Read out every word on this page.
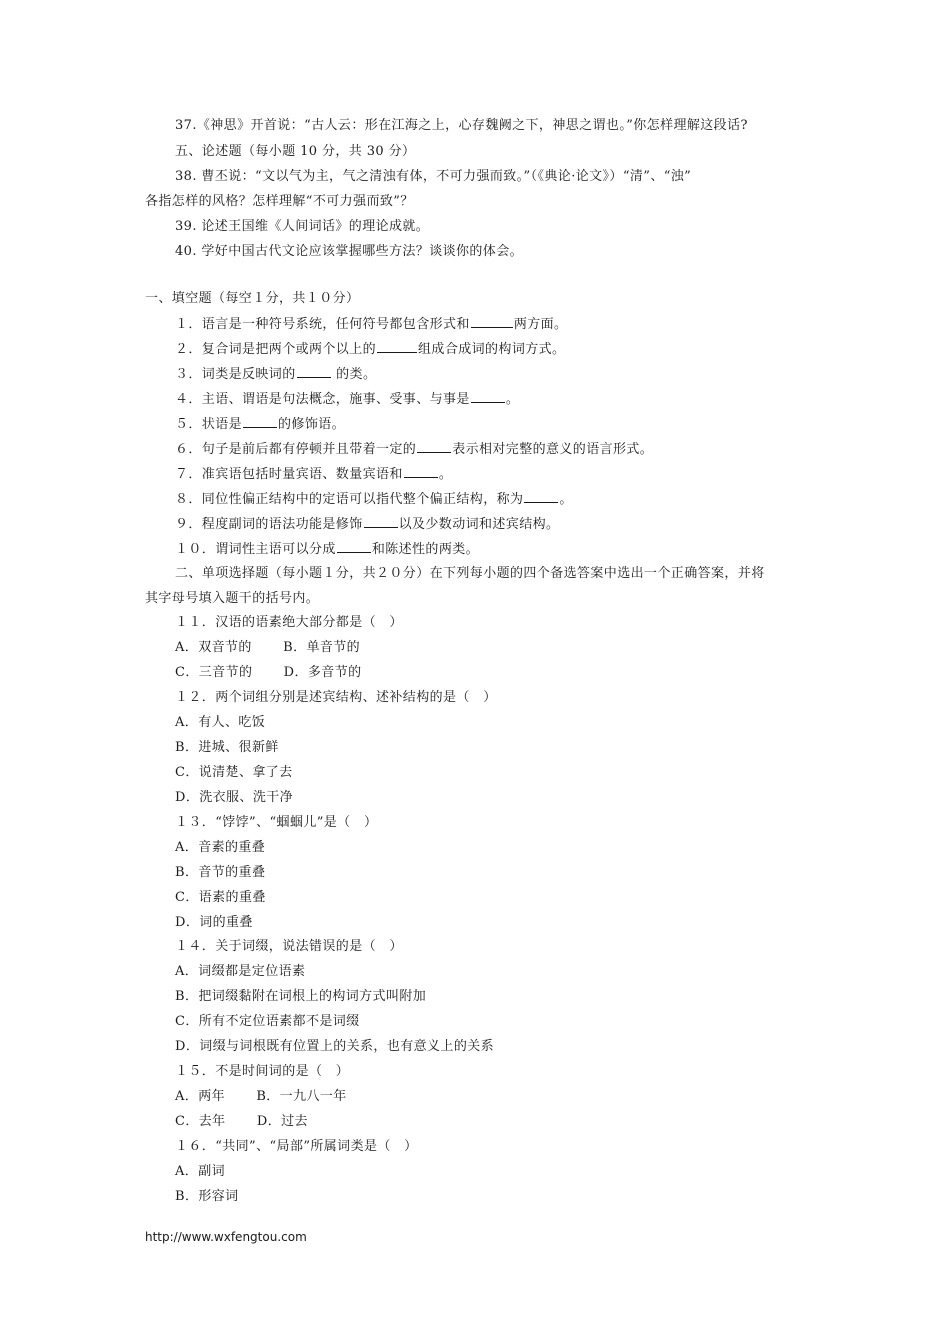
37.《神思》开首说：“古人云：形在江海之上，心存魏阙之下，神思之谓也。”你怎样理解这段话?
五、论述题（每小题 10 分，共 30 分）
38. 曹丕说：“文以气为主，气之清浊有体，不可力强而致。”（《典论·论文》）“清”、“浊”
各指怎样的风格？怎样理解“不可力强而致”？
39. 论述王国维《人间词话》的理论成就。
40. 学好中国古代文论应该掌握哪些方法？谈谈你的体会。
一、填空题（每空１分，共１０分）
１．语言是一种符号系统，任何符号都包含形式和	两方面。
２．复合词是把两个或两个以上的	组成合成词的构词方式。
３．词类是反映词的	的类。
４．主语、谓语是句法概念，施事、受事、与事是	。
５．状语是	的修饰语。
６．句子是前后都有停顿并且带着一定的	表示相对完整的意义的语言形式。
７．准宾语包括时量宾语、数量宾语和	。
８．同位性偏正结构中的定语可以指代整个偏正结构，称为	。
９．程度副词的语法功能是修饰	以及少数动词和述宾结构。
１０．谓词性主语可以分成	和陈述性的两类。
二、单项选择题（每小题１分，共２０分）在下列每小题的四个备选答案中选出一个正确答案，并将
其字母号填入题干的括号内。
１１．汉语的语素绝大部分都是（　）
A．双音节的　　 B．单音节的
C．三音节的　　 D．多音节的
１２．两个词组分别是述宾结构、述补结构的是（　）
A．有人、吃饭
B．进城、很新鲜
C．说清楚、拿了去
D．洗衣服、洗干净
１３．“饽饽”、“蝈蝈儿”是（　）
A．音素的重叠
B．音节的重叠
C．语素的重叠
D．词的重叠
１４．关于词缀，说法错误的是（　）
A．词缀都是定位语素
B．把词缀黏附在词根上的构词方式叫附加
C．所有不定位语素都不是词缀
D．词缀与词根既有位置上的关系，也有意义上的关系
１５．不是时间词的是（　）
A．两年　　 B．一九八一年
C．去年　　 D．过去
１６．“共同”、“局部”所属词类是（　）
A．副词
B．形容词
http://www.wxfengtou.com
